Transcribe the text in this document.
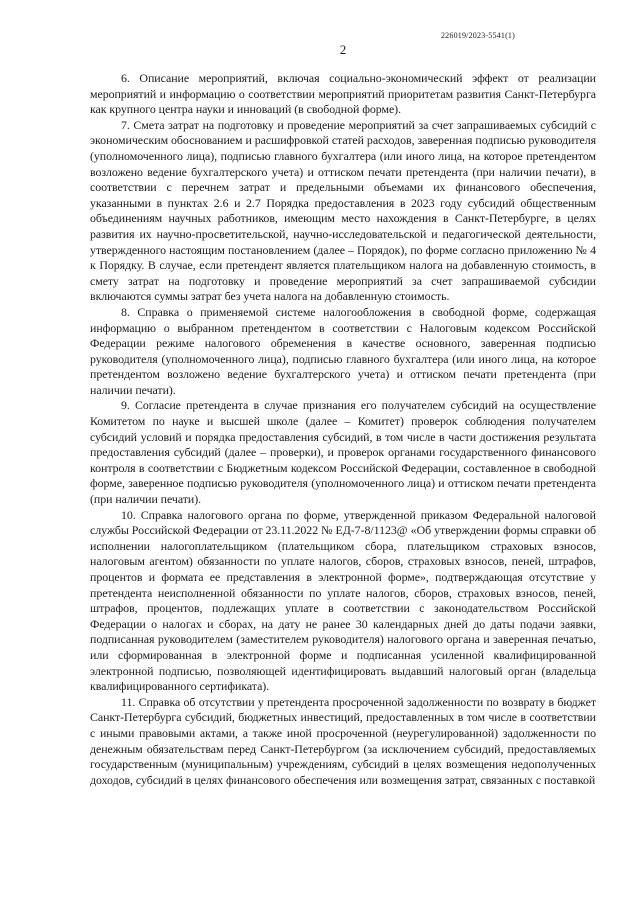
226019/2023-5541(1)
2

6. Описание мероприятий, включая социально-экономический эффект от реализации мероприятий и информацию о соответствии мероприятий приоритетам развития Санкт-Петербурга как крупного центра науки и инноваций (в свободной форме).

7. Смета затрат на подготовку и проведение мероприятий за счет запрашиваемых субсидий с экономическим обоснованием и расшифровкой статей расходов, заверенная подписью руководителя (уполномоченного лица), подписью главного бухгалтера (или иного лица, на которое претендентом возложено ведение бухгалтерского учета) и оттиском печати претендента (при наличии печати), в соответствии с перечнем затрат и предельными объемами их финансового обеспечения, указанными в пунктах 2.6 и 2.7 Порядка предоставления в 2023 году субсидий общественным объединениям научных работников, имеющим место нахождения в Санкт-Петербурге, в целях развития их научно-просветительской, научно-исследовательской и педагогической деятельности, утвержденного настоящим постановлением (далее – Порядок), по форме согласно приложению № 4 к Порядку. В случае, если претендент является плательщиком налога на добавленную стоимость, в смету затрат на подготовку и проведение мероприятий за счет запрашиваемой субсидии включаются суммы затрат без учета налога на добавленную стоимость.

8. Справка о применяемой системе налогообложения в свободной форме, содержащая информацию о выбранном претендентом в соответствии с Налоговым кодексом Российской Федерации режиме налогового обременения в качестве основного, заверенная подписью руководителя (уполномоченного лица), подписью главного бухгалтера (или иного лица, на которое претендентом возложено ведение бухгалтерского учета) и оттиском печати претендента (при наличии печати).

9. Согласие претендента в случае признания его получателем субсидий на осуществление Комитетом по науке и высшей школе (далее – Комитет) проверок соблюдения получателем субсидий условий и порядка предоставления субсидий, в том числе в части достижения результата предоставления субсидий (далее – проверки), и проверок органами государственного финансового контроля в соответствии с Бюджетным кодексом Российской Федерации, составленное в свободной форме, заверенное подписью руководителя (уполномоченного лица) и оттиском печати претендента (при наличии печати).

10. Справка налогового органа по форме, утвержденной приказом Федеральной налоговой службы Российской Федерации от 23.11.2022 № ЕД-7-8/1123@ «Об утверждении формы справки об исполнении налогоплательщиком (плательщиком сбора, плательщиком страховых взносов, налоговым агентом) обязанности по уплате налогов, сборов, страховых взносов, пеней, штрафов, процентов и формата ее представления в электронной форме», подтверждающая отсутствие у претендента неисполненной обязанности по уплате налогов, сборов, страховых взносов, пеней, штрафов, процентов, подлежащих уплате в соответствии с законодательством Российской Федерации о налогах и сборах, на дату не ранее 30 календарных дней до даты подачи заявки, подписанная руководителем (заместителем руководителя) налогового органа и заверенная печатью, или сформированная в электронной форме и подписанная усиленной квалифицированной электронной подписью, позволяющей идентифицировать выдавший налоговый орган (владельца квалифицированного сертификата).

11. Справка об отсутствии у претендента просроченной задолженности по возврату в бюджет Санкт-Петербурга субсидий, бюджетных инвестиций, предоставленных в том числе в соответствии с иными правовыми актами, а также иной просроченной (неурегулированной) задолженности по денежным обязательствам перед Санкт-Петербургом (за исключением субсидий, предоставляемых государственным (муниципальным) учреждениям, субсидий в целях возмещения недополученных доходов, субсидий в целях финансового обеспечения или возмещения затрат, связанных с поставкой
